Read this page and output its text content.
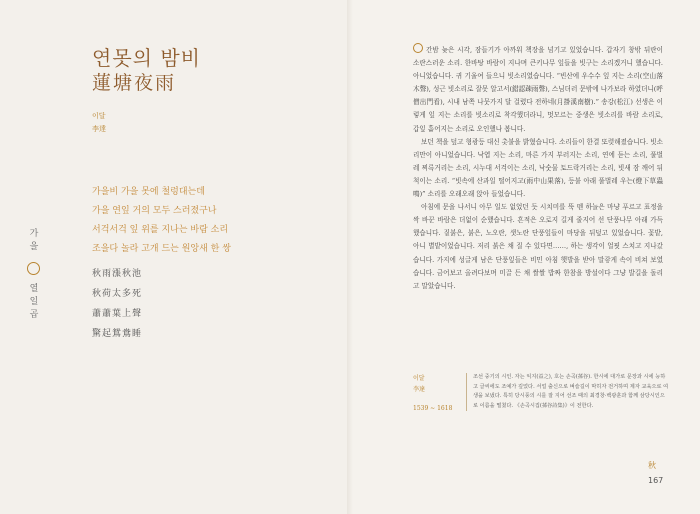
가을
열일곱
연못의 밤비
蓮塘夜雨
이달
李達
가을비 가을 못에 철렁대는데
가을 연잎 거의 모두 스러졌구나
서걱서걱 잎 위를 지나는 바람 소리
조을다 놀라 고개 드는 원앙새 한 쌍
秋雨漲秋池
秋荷太多死
蕭蕭葉上聲
驚起鴛鴦睡

간밤 늦은 시각, 잠들기가 아까워 책장을 넘기고 있었습니다. 갑자기 창밖 뒤란이 소란스러운 소리. 한바탕 바람이 지나며 큰키나무 잎들을 빗구는 소리겠거니 했습니다. 아니었습니다. 귀 기울여 들으니 빗소리였습니다. “빈산에 우수수 잎 지는 소리(空山落木聲), 성근 빗소리로 잘못 알고서(錯認疎雨聲), 스님더러 문밖에 나가보라 하였더니(呼僧出門看), 시내 남쪽 나뭇가지 달 걸렸다 전하네(月掛溪南樹).” 송강(松江) 선생은 이렇게 잎 지는 소리를 빗소리로 착각했더라니, 멋모르는 중생은 빗소리를 바람 소리로, 갑잎 흩어지는 소리로 오인했나 봅니다.

보던 책을 덮고 형광등 대신 촛불을 밝혔습니다. 소리들이 한결 또렷해졌습니다. 빗소리만이 아니었습니다. 낙엽 지는 소리, 마른 가지 부러지는 소리, 연에 듣는 소리, 풀벌레 찌륵거리는 소리, 시누대 서걱이는 소리, 낙숫물 토드락거리는 소리, 빗새 잠 깨어 뒤척이는 소리. “빗속에 산과일 떨어지고(雨中山果落), 등불 아래 풀벌레 우는(燈下草蟲鳴)” 소리를 오래오래 앉아 들었습니다.

아침에 문을 나서니 아무 일도 없었던 듯 시치미를 뚝 뗀 하늘은 마냥 푸르고 표정을 싹 바꾼 바람은 더없이 순했습니다. 흔적은 오로지 길게 줄지어 선 단풍나무 아래 가득했습니다. 짙붉은, 붉은, 노오란, 샛노란 단풍잎들이 마당을 뒤덮고 있었습니다. 꽃밭, 아니 별밭이었습니다. 저리 붉은 채 질 수 있다면……, 하는 생각이 얼핏 스치고 지나갔습니다. 가지에 성글게 남은 단풍잎들은 비민 아침 햇발을 받아 말갛게 속이 비쳐 보였습니다. 금어보고 올려다보며 미끌 든 채 쌀쌀 밥짜 한참을 방설이다 그냥 발길을 돌리고 말았습니다.

이달
李達
1539 ~ 1618
조선 중기의 시인. 자는 익지(益之), 호는 손곡(蓀谷). 한시에 대가로 문장과 시에 능하고 글씨에도 조예가 깊었다. 서얼 출신으로 벼슬길이 막히자 전거하며 제자 교육으로 여생을 보냈다. 특히 당시풍의 시를 잘 지어 선조 때의 최경창·백광훈과 함께 삼당시인으로 이름을 떨쳤다. 《손곡시집(蓀谷詩集)》이 전한다.
秋
167
